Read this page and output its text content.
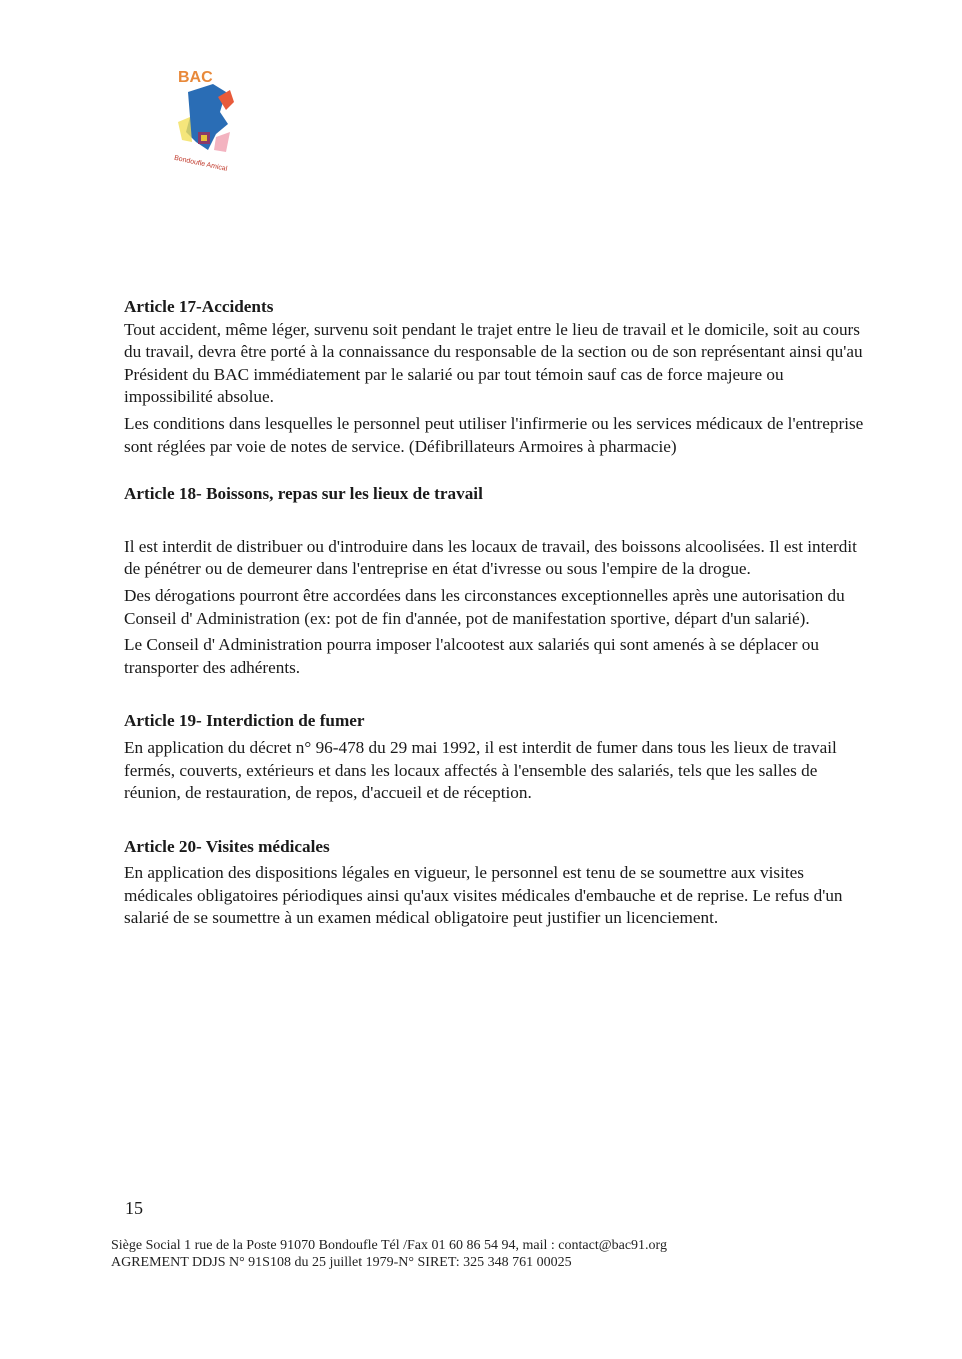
BAC
Bondoufle Amical

Article 17-Accidents

Tout accident, même léger, survenu soit pendant le trajet entre le lieu de travail et le domicile, soit au cours du travail, devra être porté à la connaissance du responsable de la section ou de son représentant ainsi qu'au Président du BAC immédiatement par le salarié ou par tout témoin sauf cas de force majeure ou impossibilité absolue.

Les conditions dans lesquelles le personnel peut utiliser l'infirmerie ou les services médicaux de l'entreprise sont réglées par voie de notes de service. (Défibrillateurs Armoires à pharmacie)

Article 18- Boissons, repas sur les lieux de travail

Il est interdit de distribuer ou d'introduire dans les locaux de travail, des boissons alcoolisées. Il est interdit de pénétrer ou de demeurer dans l'entreprise en état d'ivresse ou sous l'empire de la drogue.

Des dérogations pourront être accordées dans les circonstances exceptionnelles après une autorisation du Conseil d' Administration (ex: pot de fin d'année, pot de manifestation sportive, départ d'un salarié).

Le Conseil d' Administration pourra imposer l'alcootest aux salariés qui sont amenés à se déplacer ou transporter des adhérents.

Article 19- Interdiction de fumer

En application du décret n° 96-478 du 29 mai 1992, il est interdit de fumer dans tous les lieux de travail fermés, couverts, extérieurs et dans les locaux affectés à l'ensemble des salariés, tels que les salles de réunion, de restauration, de repos, d'accueil et de réception.

Article 20- Visites médicales

En application des dispositions légales en vigueur, le personnel est tenu de se soumettre aux visites médicales obligatoires périodiques ainsi qu'aux visites médicales d'embauche et de reprise. Le refus d'un salarié de se soumettre à un examen médical obligatoire peut justifier un licenciement.

15
Siège Social 1 rue de la Poste 91070 Bondoufle Tél /Fax 01 60 86 54 94, mail : contact@bac91.org
AGREMENT DDJS N° 91S108 du 25 juillet 1979-N° SIRET: 325 348 761 00025
